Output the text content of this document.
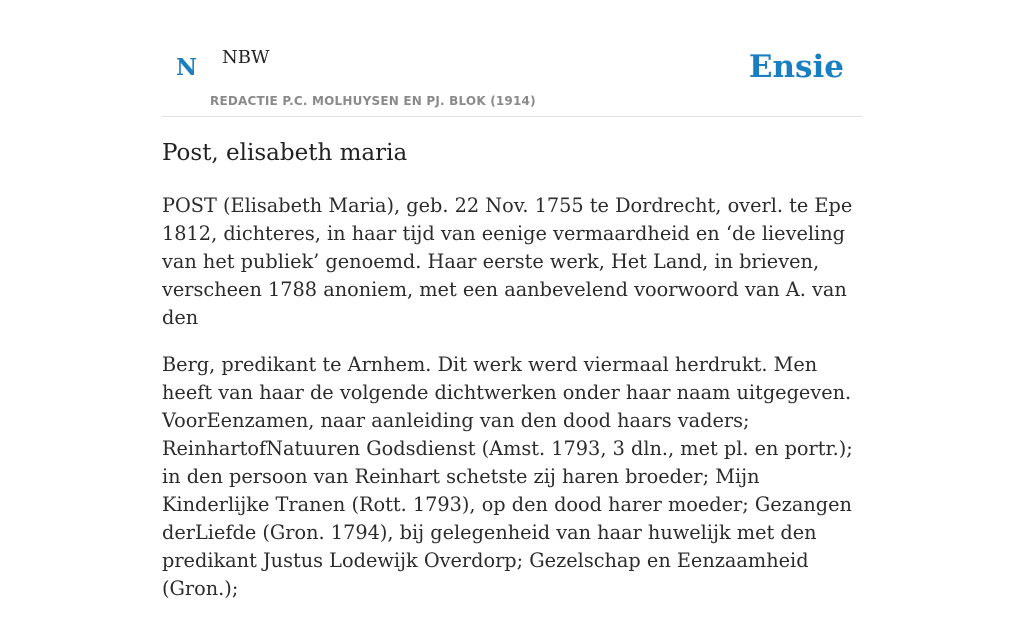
N NBW
REDACTIE P.C. MOLHUYSEN EN PJ. BLOK (1914)
Ensie
Post, elisabeth maria

POST (Elisabeth Maria), geb. 22 Nov. 1755 te Dordrecht, overl. te Epe 1812, dichteres, in haar tijd van eenige vermaardheid en ‘de lieveling van het publiek’ genoemd. Haar eerste werk, Het Land, in brieven, verscheen 1788 anoniem, met een aanbevelend voorwoord van A. van den

Berg, predikant te Arnhem. Dit werk werd viermaal herdrukt. Men heeft van haar de volgende dichtwerken onder haar naam uitgegeven. VoorEenzamen, naar aanleiding van den dood haars vaders; ReinhartofNatuuren Godsdienst (Amst. 1793, 3 dln., met pl. en portr.); in den persoon van Reinhart schetste zij haren broeder; Mijn Kinderlijke Tranen (Rott. 1793), op den dood harer moeder; Gezangen derLiefde (Gron. 1794), bij gelegenheid van haar huwelijk met den predikant Justus Lodewijk Overdorp; Gezelschap en Eenzaamheid (Gron.);
